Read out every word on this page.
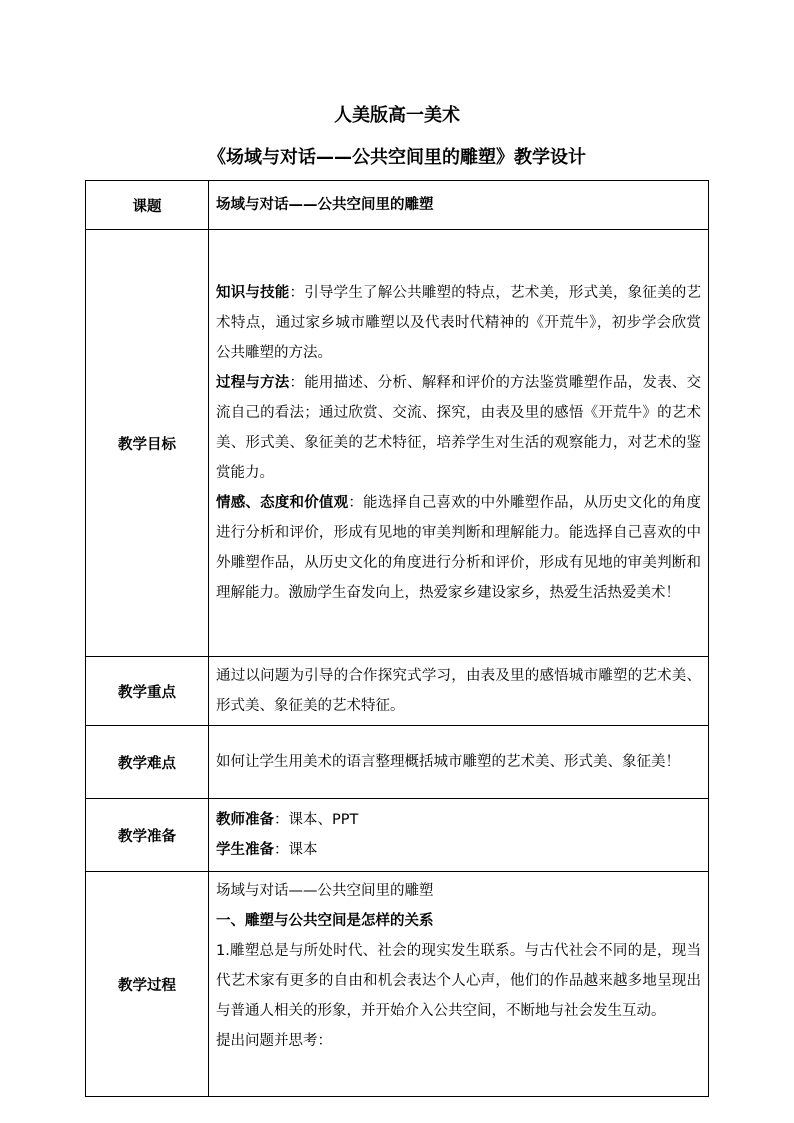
人美版高一美术
《场域与对话——公共空间里的雕塑》教学设计
课题	场域与对话——公共空间里的雕塑
教学目标	知识与技能：引导学生了解公共雕塑的特点，艺术美，形式美，象征美的艺术特点，通过家乡城市雕塑以及代表时代精神的《开荒牛》，初步学会欣赏公共雕塑的方法。
过程与方法：能用描述、分析、解释和评价的方法鉴赏雕塑作品，发表、交流自己的看法；通过欣赏、交流、探究，由表及里的感悟《开荒牛》的艺术美、形式美、象征美的艺术特征，培养学生对生活的观察能力，对艺术的鉴赏能力。
情感、态度和价值观：能选择自己喜欢的中外雕塑作品，从历史文化的角度进行分析和评价，形成有见地的审美判断和理解能力。能选择自己喜欢的中外雕塑作品，从历史文化的角度进行分析和评价，形成有见地的审美判断和理解能力。激励学生奋发向上，热爱家乡建设家乡，热爱生活热爱美术！

教学重点	通过以问题为引导的合作探究式学习，由表及里的感悟城市雕塑的艺术美、形式美、象征美的艺术特征。
教学难点	如何让学生用美术的语言整理概括城市雕塑的艺术美、形式美、象征美！
教学准备	教师准备：课本、PPT
学生准备：课本

教学过程	场域与对话——公共空间里的雕塑
一、雕塑与公共空间是怎样的关系
1.雕塑总是与所处时代、社会的现实发生联系。与古代社会不同的是，现当代艺术家有更多的自由和机会表达个人心声，他们的作品越来越多地呈现出与普通人相关的形象，并开始介入公共空间，不断地与社会发生互动。
提出问题并思考：
